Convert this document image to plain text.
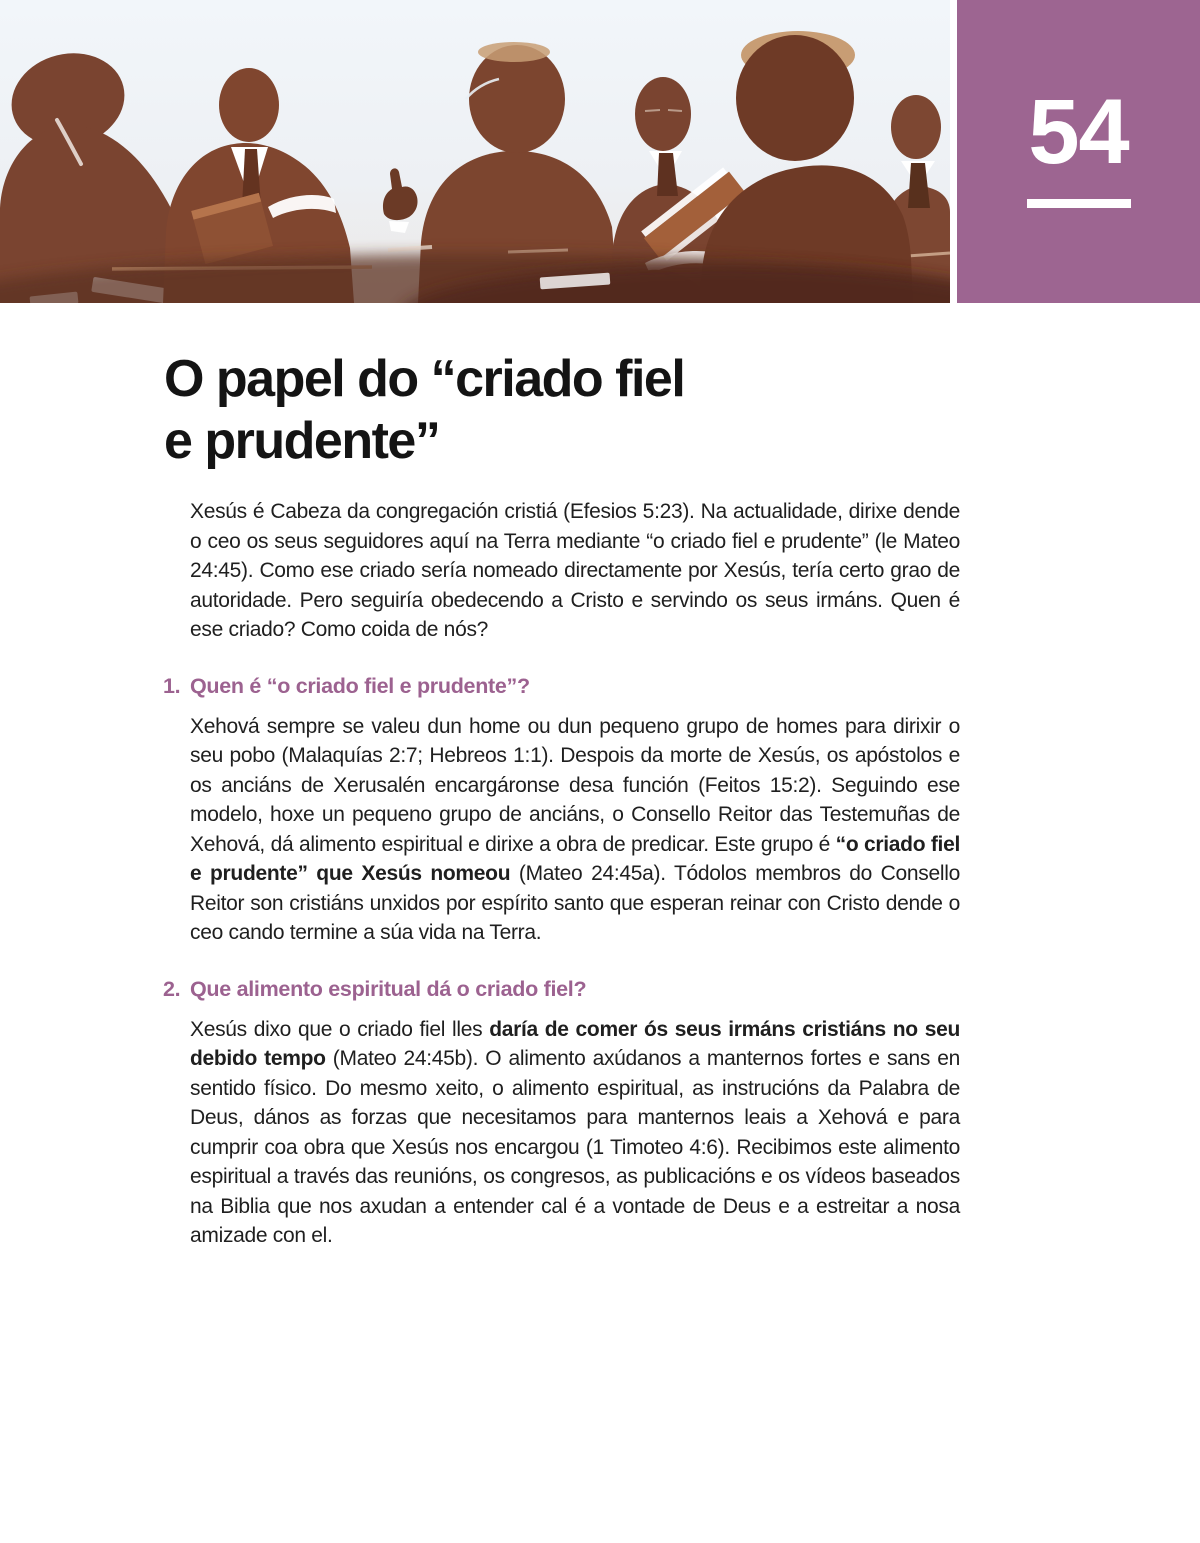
54
O papel do “criado fiel
e prudente”

Xesús é Cabeza da congregación cristiá (Efesios 5:23). Na actualidade, dirixe dende o ceo os seus seguidores aquí na Terra mediante “o criado fiel e prudente” (le Mateo 24:45). Como ese criado sería nomeado directamente por Xesús, tería certo grao de autoridade. Pero seguiría obedecendo a Cristo e servindo os seus irmáns. Quen é ese criado? Como coida de nós?

1. Quen é “o criado fiel e prudente”?

Xehová sempre se valeu dun home ou dun pequeno grupo de homes para dirixir o seu pobo (Malaquías 2:7; Hebreos 1:1). Despois da morte de Xesús, os apóstolos e os anciáns de Xerusalén encargáronse desa función (Feitos 15:2). Seguindo ese modelo, hoxe un pequeno grupo de anciáns, o Consello Reitor das Testemuñas de Xehová, dá alimento espiritual e dirixe a obra de predicar. Este grupo é “o criado fiel e prudente” que Xesús nomeou (Mateo 24:45a). Tódolos membros do Consello Reitor son cristiáns unxidos por espírito santo que esperan reinar con Cristo dende o ceo cando termine a súa vida na Terra.

2. Que alimento espiritual dá o criado fiel?

Xesús dixo que o criado fiel lles daría de comer ós seus irmáns cristiáns no seu debido tempo (Mateo 24:45b). O alimento axúdanos a manternos fortes e sans en sentido físico. Do mesmo xeito, o alimento espiritual, as instrucións da Palabra de Deus, dános as forzas que necesitamos para manternos leais a Xehová e para cumprir coa obra que Xesús nos encargou (1 Timoteo 4:6). Recibimos este alimento espiritual a través das reunións, os congresos, as publicacións e os vídeos baseados na Biblia que nos axudan a entender cal é a vontade de Deus e a estreitar a nosa amizade con el.
